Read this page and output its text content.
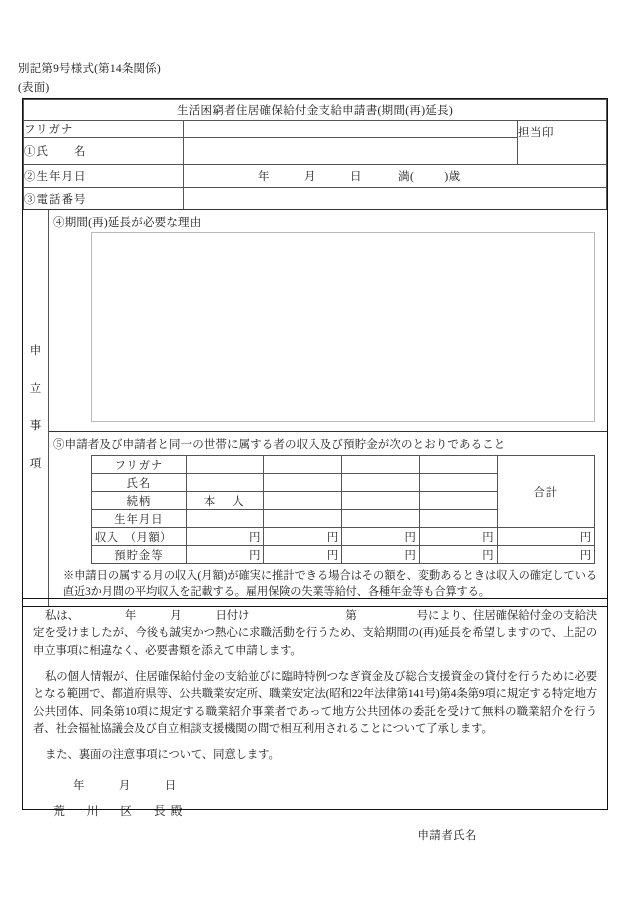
別記第9号様式(第14条関係)
(表面)
生活困窮者住居確保給付金支給申請書(期間(再)延長)		
フリガナ		担当印
①氏　　名		
②生年月日	年 月 日 満( )歳	

③電話番号		
申
立
事
項
④期間(再)延長が必要な理由
⑤申請者及び申請者と同一の世帯に属する者の収入及び預貯金が次のとおりであること
フリガナ					合計
氏名					
続柄	本　人				
生年月日					
収入　（月額）	円	円	円	円	円
預貯金等	円	円	円	円	円
※申請日の属する月の収入(月額)が確実に推計できる場合はその額を、変動あるときは収入の確定している直近3か月間の平均収入を記載する。雇用保険の失業等給付、各種年金等も合算する。

私は、	年	月	日付け	第	号により、住居確保給付金の支給決定を受けましたが、今後も誠実かつ熱心に求職活動を行うため、支給期間の(再)延長を希望しますので、上記の申立事項に相違なく、必要書類を添えて申請します。

私の個人情報が、住居確保給付金の支給並びに臨時特例つなぎ資金及び総合支援資金の貸付を行うために必要となる範囲で、都道府県等、公共職業安定所、職業安定法(昭和22年法律第141号)第4条第9項に規定する特定地方公共団体、同条第10項に規定する職業紹介事業者であって地方公共団体の委託を受けて無料の職業紹介を行う者、社会福祉協議会及び自立相談支援機関の間で相互利用されることについて了承します。

また、裏面の注意事項について、同意します。

年	月	日
荒　川　区　長殿
申請者氏名
